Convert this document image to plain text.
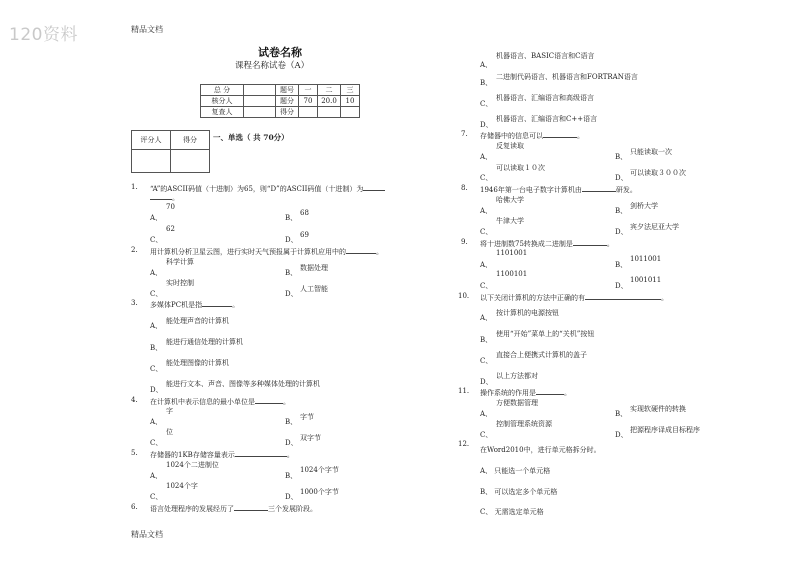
120资料	精品文档
试卷名称
课程名称试卷（A）
总 分		题号	一	二	三
核分人		题分	70	20.0	10
复查人		得分			
评分人	得分
	一、单选（ 共 70分）
1. “A”的ASCII码值（十进制）为65，则“D”的ASCII码值（十进制）为
。
70
A、
68
B、
62
C、
69
D、
2. 用计算机分析卫星云图，进行实时天气预报属于计算机应用中的	。
科学计算
A、
数据处理
B、
实时控制
C、
人工智能
D、
3. 多媒体PC机是指	。
能处理声音的计算机
A、
能进行通信处理的计算机
B、
能处理图像的计算机
C、
能进行文本、声音、图像等多种媒体处理的计算机
D、
4. 在计算机中表示信息的最小单位是	。
字
A、
字节
B、
位
C、
双字节
D、
5. 存储器的1KB存储容量表示	。
1024个二进制位
A、
1024个字节
B、
1024个字
C、
1000个字节
D、
6. 语言处理程序的发展经历了	三个发展阶段。
精品文档
机器语言、BASIC语言和C语言
A、
二进制代码语言、机器语言和FORTRAN语言
B、
机器语言、汇编语言和高级语言
C、
机器语言、汇编语言和C++语言
D、
7. 存储器中的信息可以	。
反复读取
A、
只能读取一次
B、
可以读取１０次
C、
可以读取３００次
D、
8. 1946年第一台电子数字计算机由	研发。
哈佛大学
A、
剑桥大学
B、
牛津大学
C、
宾夕法尼亚大学
D、
9. 将十进制数75转换成二进制是	。
1101001
A、
1011001
B、
1100101
C、
1001011
D、
10. 以下关闭计算机的方法中正确的有	。
按计算机的电源按钮
A、
使用“开始”菜单上的“关机”按钮
B、
直接合上便携式计算机的盖子
C、
以上方法都对
D、
11. 操作系统的作用是	。
方便数据管理
A、
实现软硬件的转换
B、
控制管理系统资源
C、
把源程序译成目标程序
D、
12.
在Word2010中，进行单元格拆分时。
A、 只能选一个单元格
B、 可以选定多个单元格
C、 无需选定单元格
